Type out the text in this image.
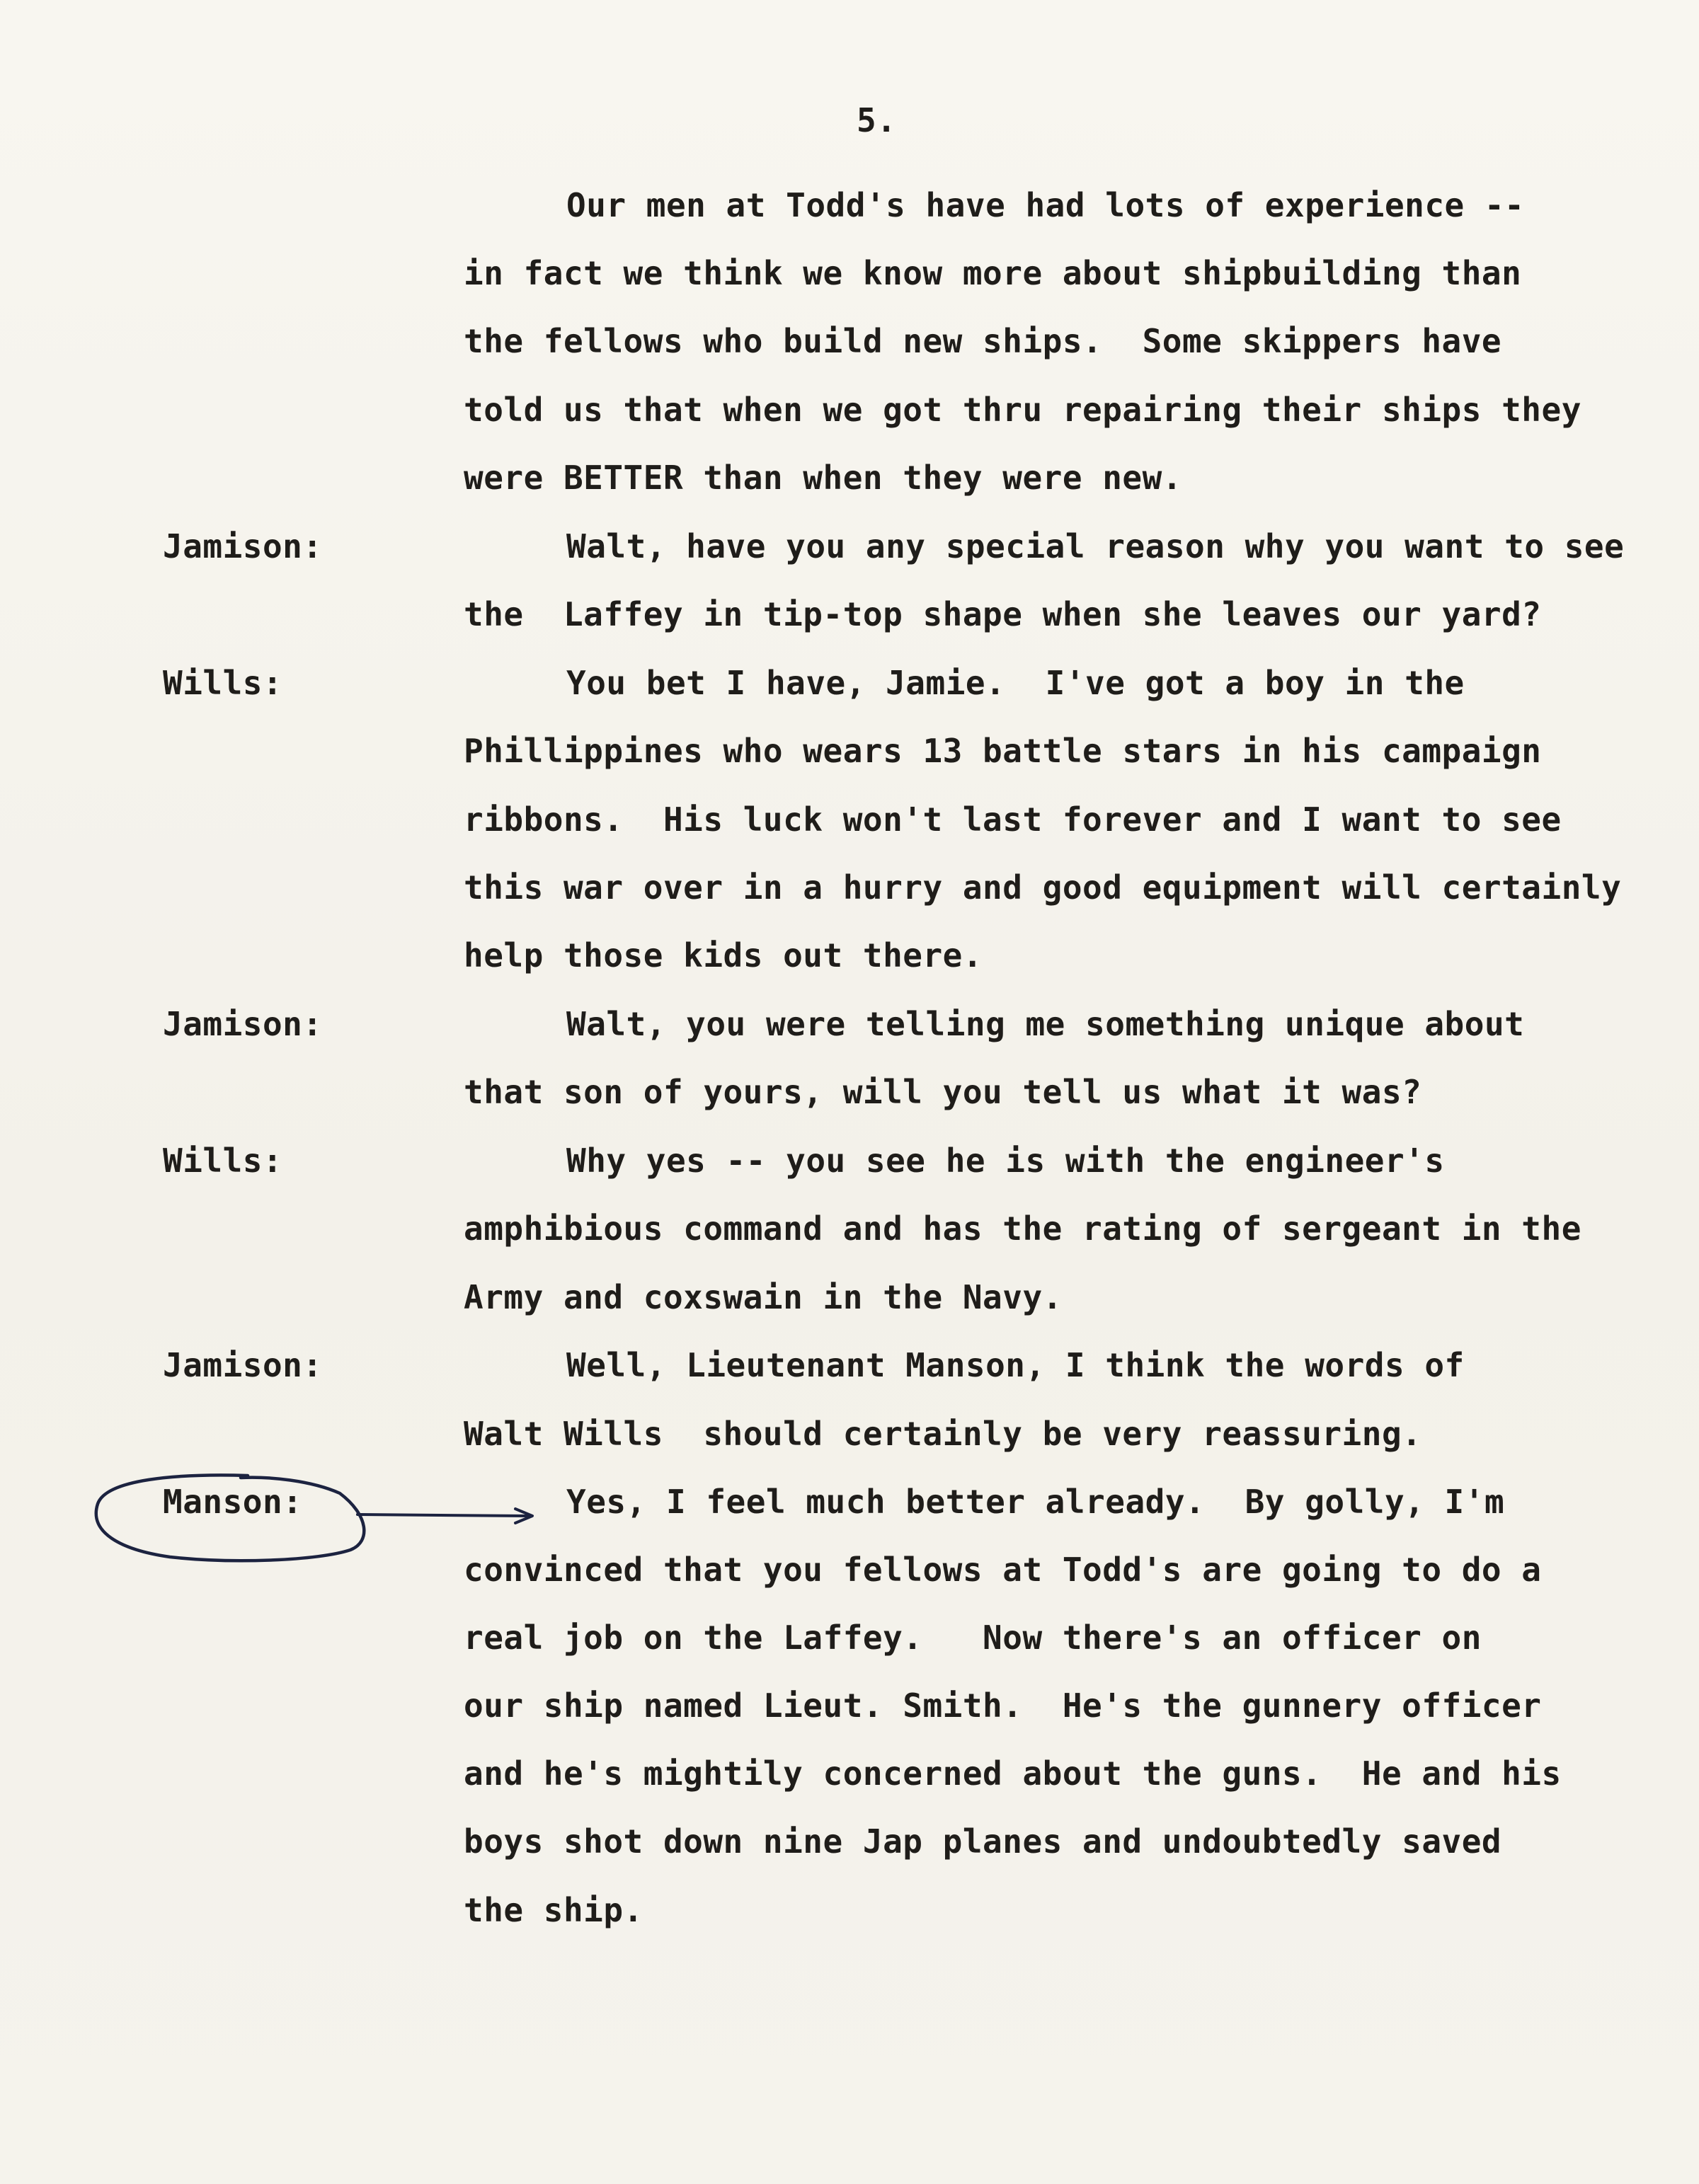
5.
Our men at Todd's have had lots of experience --
in fact we think we know more about shipbuilding than
the fellows who build new ships.  Some skippers have
told us that when we got thru repairing their ships they
were BETTER than when they were new.
Jamison:	Walt, have you any special reason why you want to see
the  Laffey in tip-top shape when she leaves our yard?
Wills:	You bet I have, Jamie.  I've got a boy in the
Phillippines who wears 13 battle stars in his campaign
ribbons.  His luck won't last forever and I want to see
this war over in a hurry and good equipment will certainly
help those kids out there.
Jamison:	Walt, you were telling me something unique about
that son of yours, will you tell us what it was?
Wills:	Why yes -- you see he is with the engineer's
amphibious command and has the rating of sergeant in the
Army and coxswain in the Navy.
Jamison:	Well, Lieutenant Manson, I think the words of
Walt Wills  should certainly be very reassuring.
Manson:	Yes, I feel much better already.  By golly, I'm
convinced that you fellows at Todd's are going to do a
real job on the Laffey.   Now there's an officer on
our ship named Lieut. Smith.  He's the gunnery officer
and he's mightily concerned about the guns.  He and his
boys shot down nine Jap planes and undoubtedly saved
the ship.
